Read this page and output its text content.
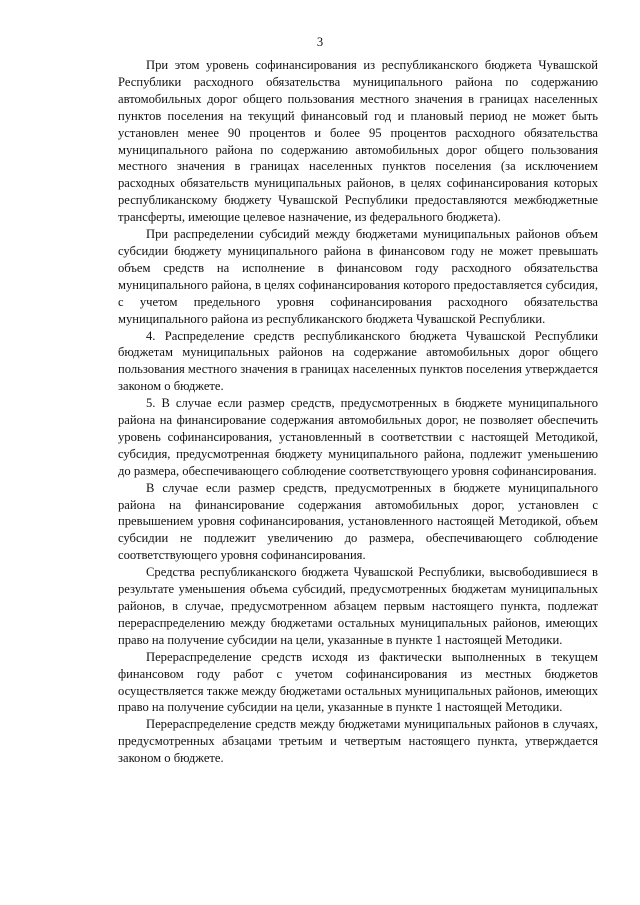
3

При этом уровень софинансирования из республиканского бюджета Чувашской Республики расходного обязательства муниципального района по содержанию автомобильных дорог общего пользования местного значения в границах населенных пунктов поселения на текущий финансовый год и плановый период не может быть установлен менее 90 процентов и более 95 процентов расходного обязательства муниципального района по содержанию автомобильных дорог общего пользования местного значения в границах населенных пунктов поселения (за исключением расходных обязательств муниципальных районов, в целях софинансирования которых республиканскому бюджету Чувашской Республики предоставляются межбюджетные трансферты, имеющие целевое назначение, из федерального бюджета).

При распределении субсидий между бюджетами муниципальных районов объем субсидии бюджету муниципального района в финансовом году не может превышать объем средств на исполнение в финансовом году расходного обязательства муниципального района, в целях софинансирования которого предоставляется субсидия, с учетом предельного уровня софинансирования расходного обязательства муниципального района из республиканского бюджета Чувашской Республики.

4. Распределение средств республиканского бюджета Чувашской Республики бюджетам муниципальных районов на содержание автомобильных дорог общего пользования местного значения в границах населенных пунктов поселения утверждается законом о бюджете.

5. В случае если размер средств, предусмотренных в бюджете муниципального района на финансирование содержания автомобильных дорог, не позволяет обеспечить уровень софинансирования, установленный в соответствии с настоящей Методикой, субсидия, предусмотренная бюджету муниципального района, подлежит уменьшению до размера, обеспечивающего соблюдение соответствующего уровня софинансирования.

В случае если размер средств, предусмотренных в бюджете муниципального района на финансирование содержания автомобильных дорог, установлен с превышением уровня софинансирования, установленного настоящей Методикой, объем субсидии не подлежит увеличению до размера, обеспечивающего соблюдение соответствующего уровня софинансирования.

Средства республиканского бюджета Чувашской Республики, высвободившиеся в результате уменьшения объема субсидий, предусмотренных бюджетам муниципальных районов, в случае, предусмотренном абзацем первым настоящего пункта, подлежат перераспределению между бюджетами остальных муниципальных районов, имеющих право на получение субсидии на цели, указанные в пункте 1 настоящей Методики.

Перераспределение средств исходя из фактически выполненных в текущем финансовом году работ с учетом софинансирования из местных бюджетов осуществляется также между бюджетами остальных муниципальных районов, имеющих право на получение субсидии на цели, указанные в пункте 1 настоящей Методики.

Перераспределение средств между бюджетами муниципальных районов в случаях, предусмотренных абзацами третьим и четвертым настоящего пункта, утверждается законом о бюджете.
